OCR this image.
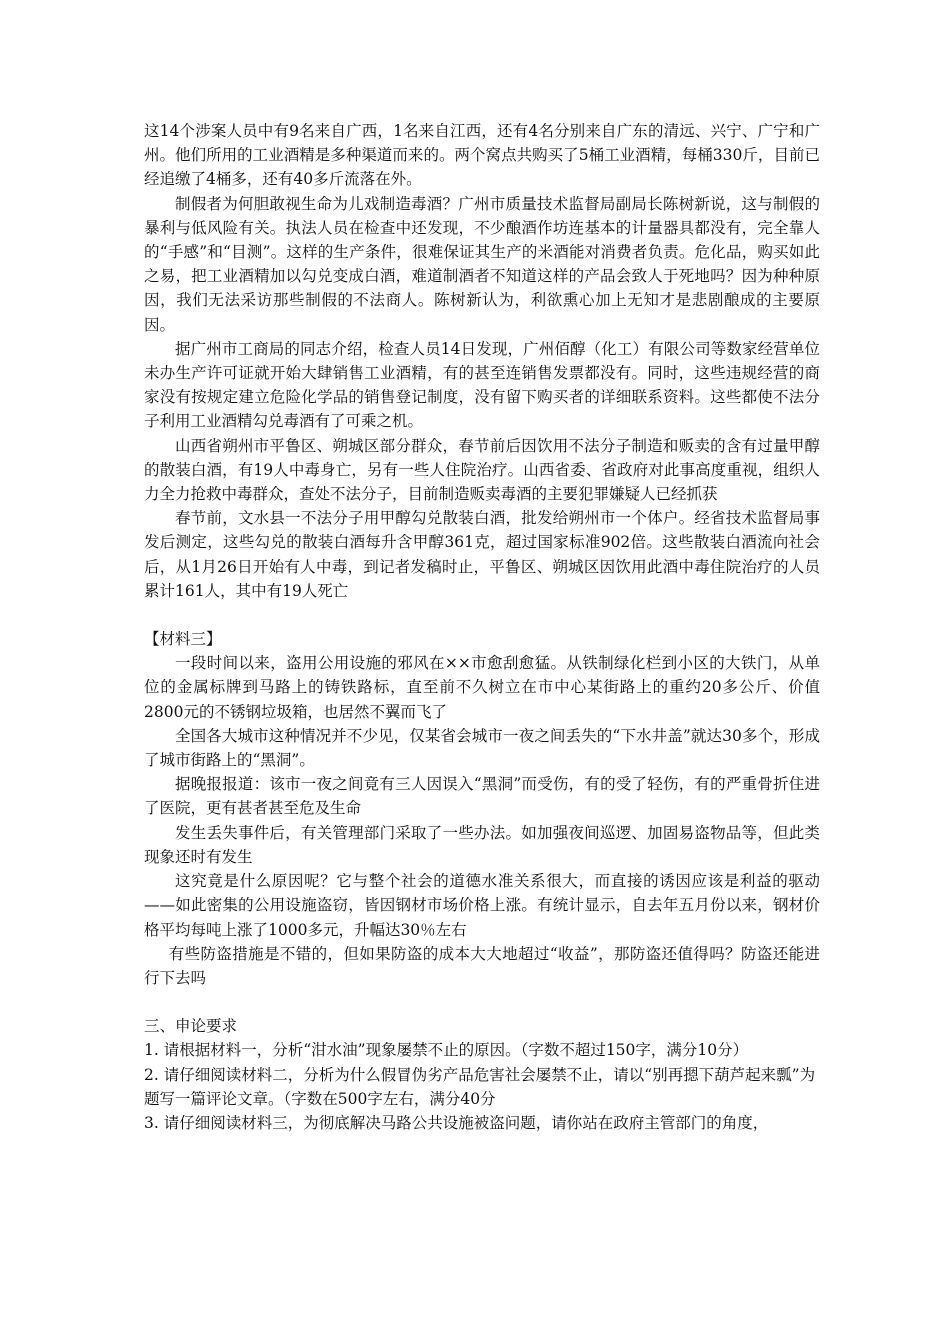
这14个涉案人员中有9名来自广西，1名来自江西，还有4名分别来自广东的清远、兴宁、广宁和广州。他们所用的工业酒精是多种渠道而来的。两个窝点共购买了5桶工业酒精，每桶330斤，目前已经追缴了4桶多，还有40多斤流落在外。

制假者为何胆敢视生命为儿戏制造毒酒？广州市质量技术监督局副局长陈树新说，这与制假的暴利与低风险有关。执法人员在检查中还发现，不少酿酒作坊连基本的计量器具都没有，完全靠人的“手感”和“目测”。这样的生产条件，很难保证其生产的米酒能对消费者负责。危化品，购买如此之易，把工业酒精加以勾兑变成白酒，难道制酒者不知道这样的产品会致人于死地吗？因为种种原因，我们无法采访那些制假的不法商人。陈树新认为，利欲熏心加上无知才是悲剧酿成的主要原因。

据广州市工商局的同志介绍，检查人员14日发现，广州佰醇（化工）有限公司等数家经营单位未办生产许可证就开始大肆销售工业酒精，有的甚至连销售发票都没有。同时，这些违规经营的商家没有按规定建立危险化学品的销售登记制度，没有留下购买者的详细联系资料。这些都使不法分子利用工业酒精勾兑毒酒有了可乘之机。

山西省朔州市平鲁区、朔城区部分群众，春节前后因饮用不法分子制造和贩卖的含有过量甲醇的散装白酒，有19人中毒身亡，另有一些人住院治疗。山西省委、省政府对此事高度重视，组织人力全力抢救中毒群众，查处不法分子，目前制造贩卖毒酒的主要犯罪嫌疑人已经抓获

春节前，文水县一不法分子用甲醇勾兑散装白酒，批发给朔州市一个体户。经省技术监督局事发后测定，这些勾兑的散装白酒每升含甲醇361克，超过国家标准902倍。这些散装白酒流向社会后，从1月26日开始有人中毒，到记者发稿时止，平鲁区、朔城区因饮用此酒中毒住院治疗的人员累计161人，其中有19人死亡

【材料三】

一段时间以来，盗用公用设施的邪风在××市愈刮愈猛。从铁制绿化栏到小区的大铁门，从单位的金属标牌到马路上的铸铁路标，直至前不久树立在市中心某街路上的重约20多公斤、价值2800元的不锈钢垃圾箱，也居然不翼而飞了

全国各大城市这种情况并不少见，仅某省会城市一夜之间丢失的“下水井盖”就达30多个，形成了城市街路上的“黑洞”。

据晚报报道：该市一夜之间竟有三人因误入“黑洞”而受伤，有的受了轻伤，有的严重骨折住进了医院，更有甚者甚至危及生命

发生丢失事件后，有关管理部门采取了一些办法。如加强夜间巡逻、加固易盗物品等，但此类现象还时有发生

这究竟是什么原因呢？它与整个社会的道德水准关系很大，而直接的诱因应该是利益的驱动——如此密集的公用设施盗窃，皆因钢材市场价格上涨。有统计显示，自去年五月份以来，钢材价格平均每吨上涨了1000多元，升幅达30％左右

有些防盗措施是不错的，但如果防盗的成本大大地超过“收益”，那防盗还值得吗？防盗还能进行下去吗

三、申论要求

1. 请根据材料一，分析“泔水油”现象屡禁不止的原因。（字数不超过150字，满分10分）

2. 请仔细阅读材料二，分析为什么假冒伪劣产品危害社会屡禁不止，请以“别再摁下葫芦起来瓢”为题写一篇评论文章。（字数在500字左右，满分40分

3. 请仔细阅读材料三，为彻底解决马路公共设施被盗问题，请你站在政府主管部门的角度，
